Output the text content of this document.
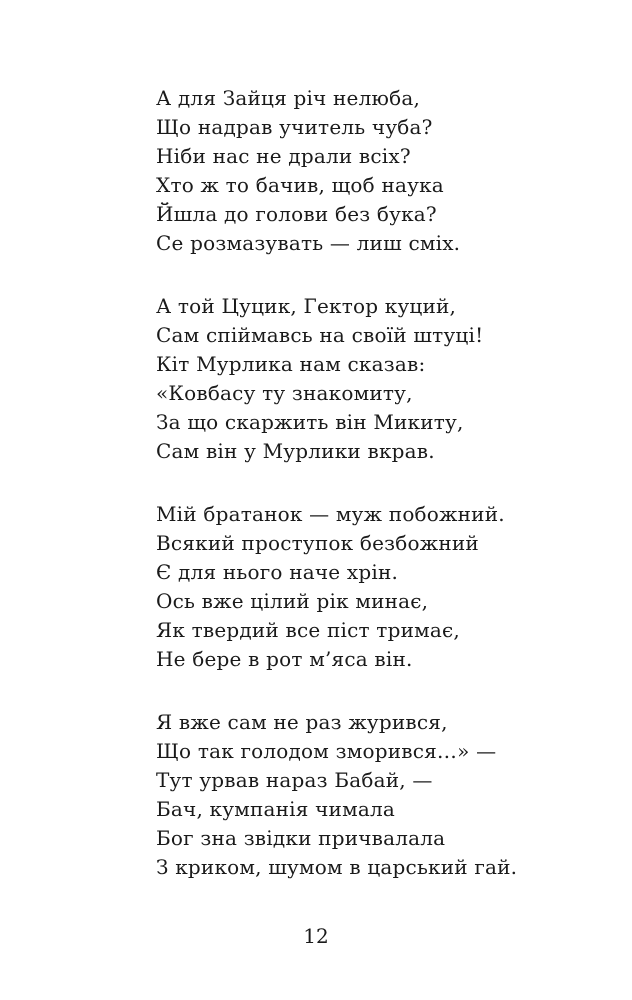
А для Зайця річ нелюба,
Що надрав учитель чуба?
Ніби нас не драли всіх?
Хто ж то бачив, щоб наука
Йшла до голови без бука?
Се розмазувать — лиш сміх.
А той Цуцик, Гектор куций,
Сам спіймавсь на своїй штуці!
Кіт Мурлика нам сказав:
«Ковбасу ту знакомиту,
За що скаржить він Микиту,
Сам він у Мурлики вкрав.
Мій братанок — муж побожний.
Всякий проступок безбожний
Є для нього наче хрін.
Ось вже цілий рік минає,
Як твердий все піст тримає,
Не бере в рот м’яса він.
Я вже сам не раз журився,
Що так голодом зморився…» —
Тут урвав нараз Бабай, —
Бач, кумпанія чимала
Бог зна звідки причвалала
З криком, шумом в царський гай.
12
